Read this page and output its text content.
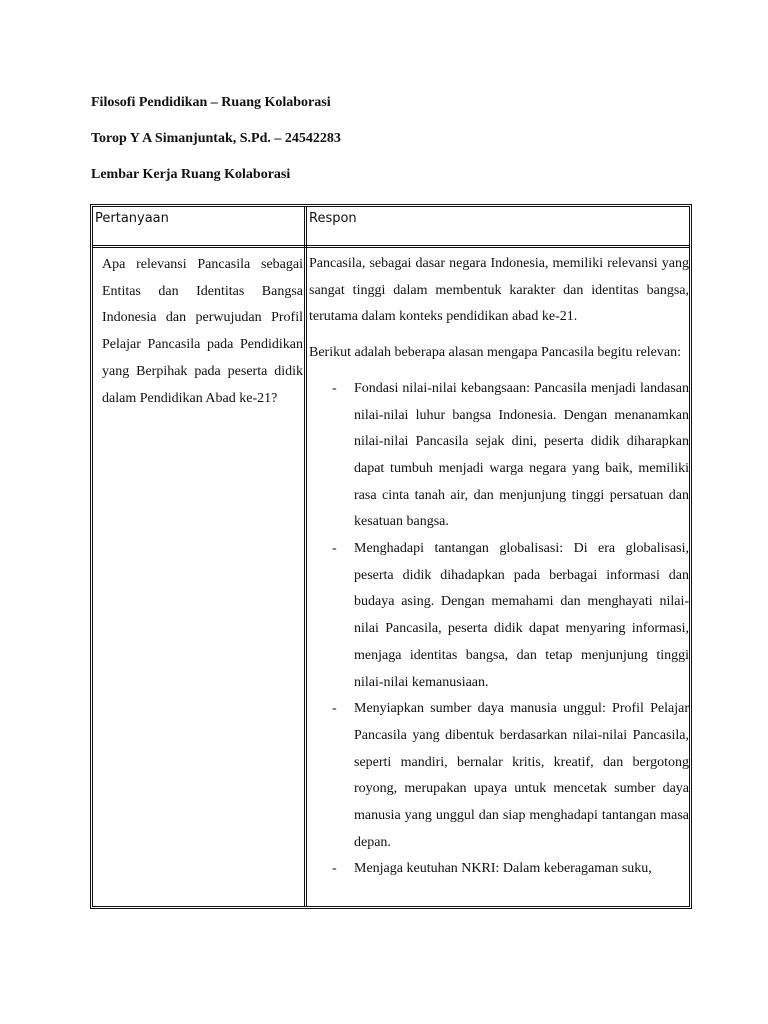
Filosofi Pendidikan – Ruang Kolaborasi
Torop Y A Simanjuntak, S.Pd. – 24542283
Lembar Kerja Ruang Kolaborasi
Pertanyaan	Respon
Apa relevansi Pancasila sebagai Entitas dan Identitas Bangsa Indonesia dan perwujudan Profil Pelajar Pancasila pada Pendidikan yang Berpihak pada peserta didik dalam Pendidikan Abad ke-21?

Pancasila, sebagai dasar negara Indonesia, memiliki relevansi yang sangat tinggi dalam membentuk karakter dan identitas bangsa, terutama dalam konteks pendidikan abad ke-21.

Berikut adalah beberapa alasan mengapa Pancasila begitu relevan:

- Fondasi nilai-nilai kebangsaan: Pancasila menjadi landasan nilai-nilai luhur bangsa Indonesia. Dengan menanamkan nilai-nilai Pancasila sejak dini, peserta didik diharapkan dapat tumbuh menjadi warga negara yang baik, memiliki rasa cinta tanah air, dan menjunjung tinggi persatuan dan kesatuan bangsa.
- Menghadapi tantangan globalisasi: Di era globalisasi, peserta didik dihadapkan pada berbagai informasi dan budaya asing. Dengan memahami dan menghayati nilai-nilai Pancasila, peserta didik dapat menyaring informasi, menjaga identitas bangsa, dan tetap menjunjung tinggi nilai-nilai kemanusiaan.
- Menyiapkan sumber daya manusia unggul: Profil Pelajar Pancasila yang dibentuk berdasarkan nilai-nilai Pancasila, seperti mandiri, bernalar kritis, kreatif, dan bergotong royong, merupakan upaya untuk mencetak sumber daya manusia yang unggul dan siap menghadapi tantangan masa depan.
- Menjaga keutuhan NKRI: Dalam keberagaman suku,
